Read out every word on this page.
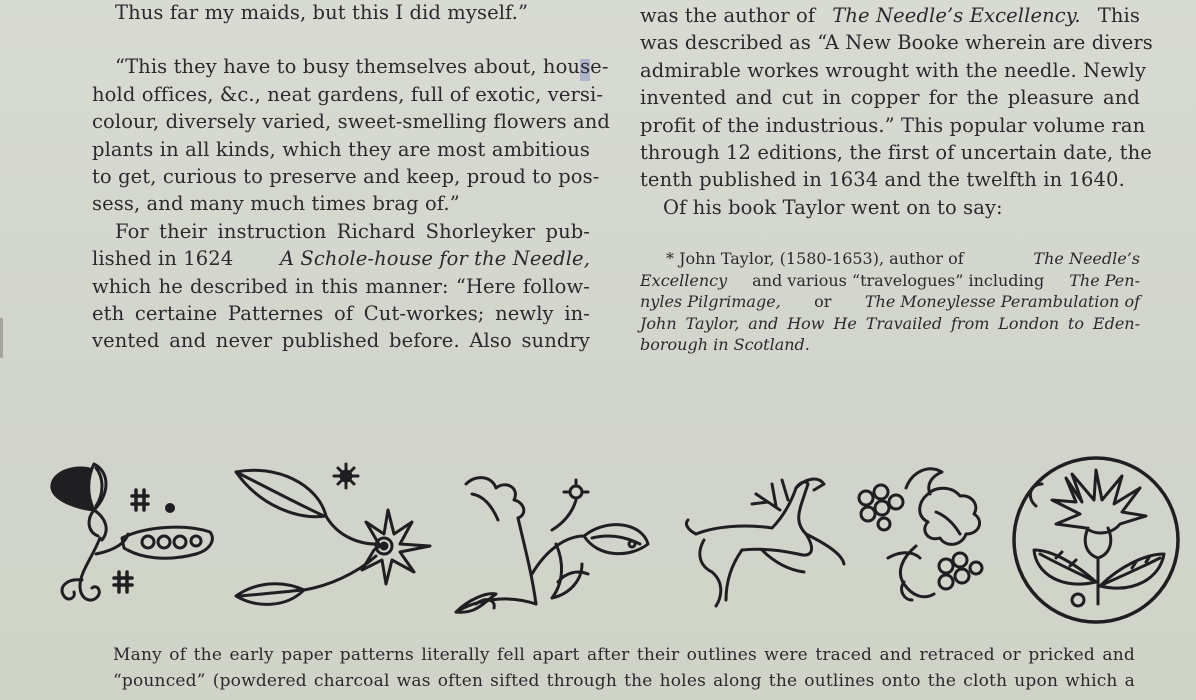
Thus far my maids, but this I did myself.”
“This they have to busy themselves about, house-
hold offices, &c., neat gardens, full of exotic, versi-
colour, diversely varied, sweet-smelling flowers and
plants in all kinds, which they are most ambitious
to get, curious to preserve and keep, proud to pos-
sess, and many much times brag of.”
For their instruction Richard Shorleyker pub-
lished in 1624 A Schole-house for the Needle,
which he described in this manner: “Here follow-
eth certaine Patternes of Cut-workes; newly in-
vented and never published before. Also sundry
was the author of The Needle’s Excellency. This
was described as “A New Booke wherein are divers
admirable workes wrought with the needle. Newly
invented and cut in copper for the pleasure and
profit of the industrious.” This popular volume ran
through 12 editions, the first of uncertain date, the
tenth published in 1634 and the twelfth in 1640.
Of his book Taylor went on to say:
* John Taylor, (1580-1653), author of	The Needle’s
Excellency and various “travelogues” including The Pen-
nyles Pilgrimage, or The Moneylesse Perambulation of
John Taylor, and How He Travailed from London to Eden-
borough in Scotland.
Many of the early paper patterns literally fell apart after their outlines were traced and retraced or pricked and
“pounced” (powdered charcoal was often sifted through the holes along the outlines onto the cloth upon which a
